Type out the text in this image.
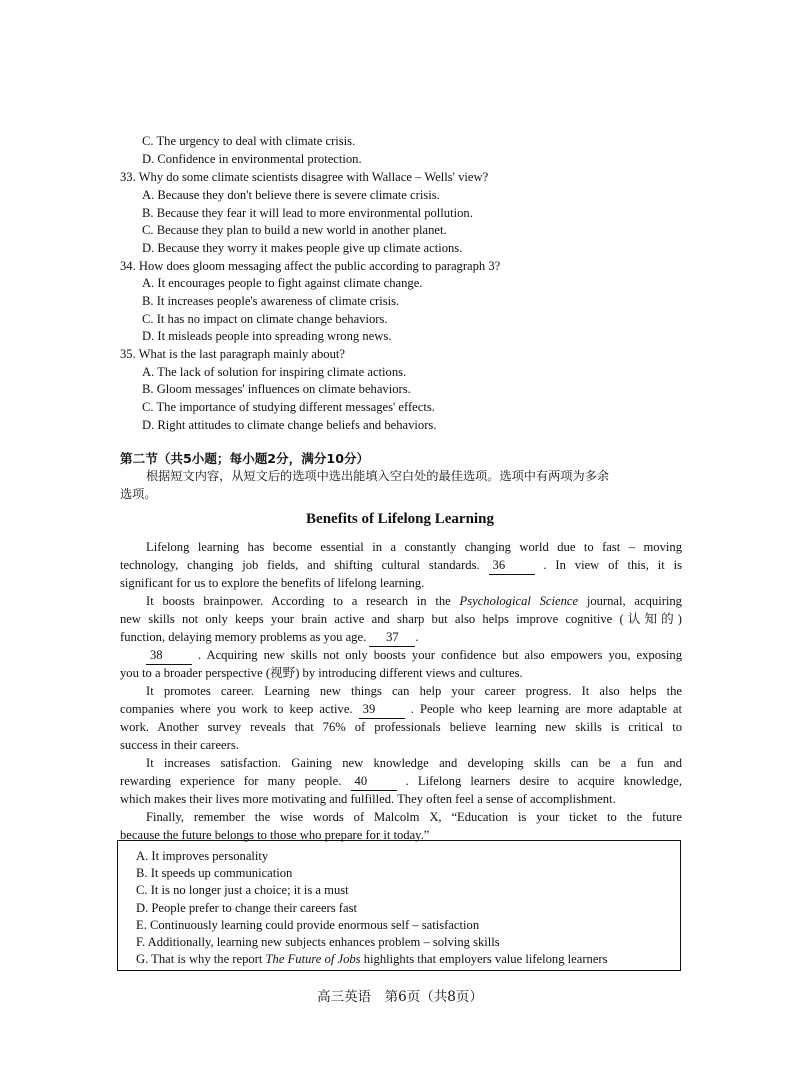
C. The urgency to deal with climate crisis.
D. Confidence in environmental protection.
33. Why do some climate scientists disagree with Wallace – Wells' view?
A. Because they don't believe there is severe climate crisis.
B. Because they fear it will lead to more environmental pollution.
C. Because they plan to build a new world in another planet.
D. Because they worry it makes people give up climate actions.
34. How does gloom messaging affect the public according to paragraph 3?
A. It encourages people to fight against climate change.
B. It increases people's awareness of climate crisis.
C. It has no impact on climate change behaviors.
D. It misleads people into spreading wrong news.
35. What is the last paragraph mainly about?
A. The lack of solution for inspiring climate actions.
B. Gloom messages' influences on climate behaviors.
C. The importance of studying different messages' effects.
D. Right attitudes to climate change beliefs and behaviors.
第二节（共5小题；每小题2分，满分10分）
根据短文内容，从短文后的选项中选出能填入空白处的最佳选项。选项中有两项为多余
选项。
Benefits of Lifelong Learning
Lifelong learning has become essential in a constantly changing world due to fast – moving
technology, changing job fields, and shifting cultural standards. 36	. In view of this, it is
significant for us to explore the benefits of lifelong learning.
It boosts brainpower. According to a research in the Psychological Science journal, acquiring
new skills not only keeps your brain active and sharp but also helps improve cognitive (认知的)
function, delaying memory problems as you age. 37 .
38	. Acquiring new skills not only boosts your confidence but also empowers you, exposing
you to a broader perspective (视野) by introducing different views and cultures.
It promotes career. Learning new things can help your career progress. It also helps the
companies where you work to keep active. 39	. People who keep learning are more adaptable at
work. Another survey reveals that 76% of professionals believe learning new skills is critical to
success in their careers.
It increases satisfaction. Gaining new knowledge and developing skills can be a fun and
rewarding experience for many people. 40	. Lifelong learners desire to acquire knowledge,
which makes their lives more motivating and fulfilled. They often feel a sense of accomplishment.
Finally, remember the wise words of Malcolm X, “Education is your ticket to the future
because the future belongs to those who prepare for it today.”
A. It improves personality
B. It speeds up communication
C. It is no longer just a choice; it is a must
D. People prefer to change their careers fast
E. Continuously learning could provide enormous self – satisfaction
F. Additionally, learning new subjects enhances problem – solving skills
G. That is why the report The Future of Jobs highlights that employers value lifelong learners
高三英语　第6页（共8页）
